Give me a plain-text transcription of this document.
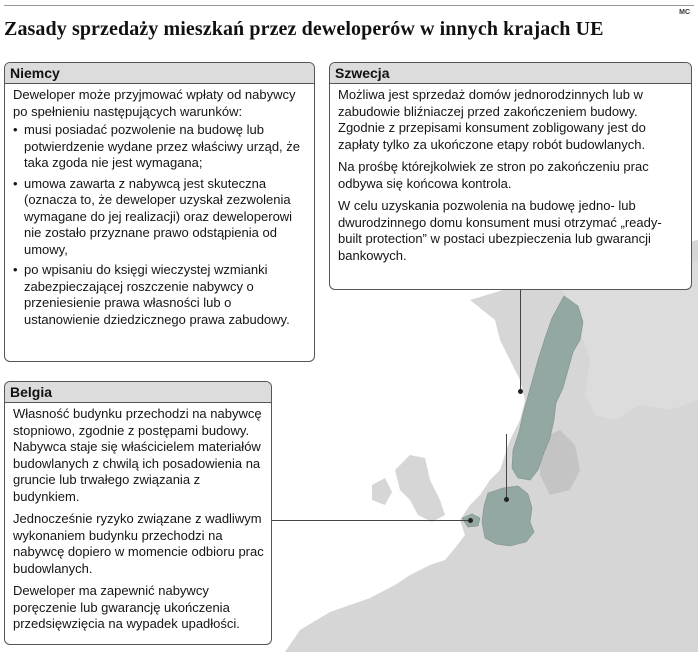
MC
Zasady sprzedaży mieszkań przez deweloperów w innych krajach UE
Niemcy

Deweloper może przyjmować wpłaty od nabywcy po spełnieniu następujących warunków:

• musi posiadać pozwolenie na budowę lub potwierdzenie wydane przez właściwy urząd, że taka zgoda nie jest wymagana;
• umowa zawarta z nabywcą jest skuteczna (oznacza to, że deweloper uzyskał zezwolenia wymagane do jej realizacji) oraz deweloperowi nie zostało przyznane prawo odstąpienia od umowy,
• po wpisaniu do księgi wieczystej wzmianki zabezpieczającej roszczenie nabywcy o przeniesienie prawa własności lub o ustanowienie dziedzicznego prawa zabudowy.
Szwecja

Możliwa jest sprzedaż domów jednorodzinnych lub w zabudowie bliźniaczej przed zakończeniem budowy. Zgodnie z przepisami konsument zobligowany jest do zapłaty tylko za ukończone etapy robót budowlanych.

Na prośbę którejkolwiek ze stron po zakończeniu prac odbywa się końcowa kontrola.

W celu uzyskania pozwolenia na budowę jedno- lub dwurodzinnego domu konsument musi otrzymać „ready-built protection” w postaci ubezpieczenia lub gwarancji bankowych.

Belgia

Własność budynku przechodzi na nabywcę stopniowo, zgodnie z postępami budowy. Nabywca staje się właścicielem materiałów budowlanych z chwilą ich posadowienia na gruncie lub trwałego związania z budynkiem.

Jednocześnie ryzyko związane z wadliwym wykonaniem budynku przechodzi na nabywcę dopiero w momencie odbioru prac budowlanych.

Deweloper ma zapewnić nabywcy poręczenie lub gwarancję ukończenia przedsięwzięcia na wypadek upadłości.
